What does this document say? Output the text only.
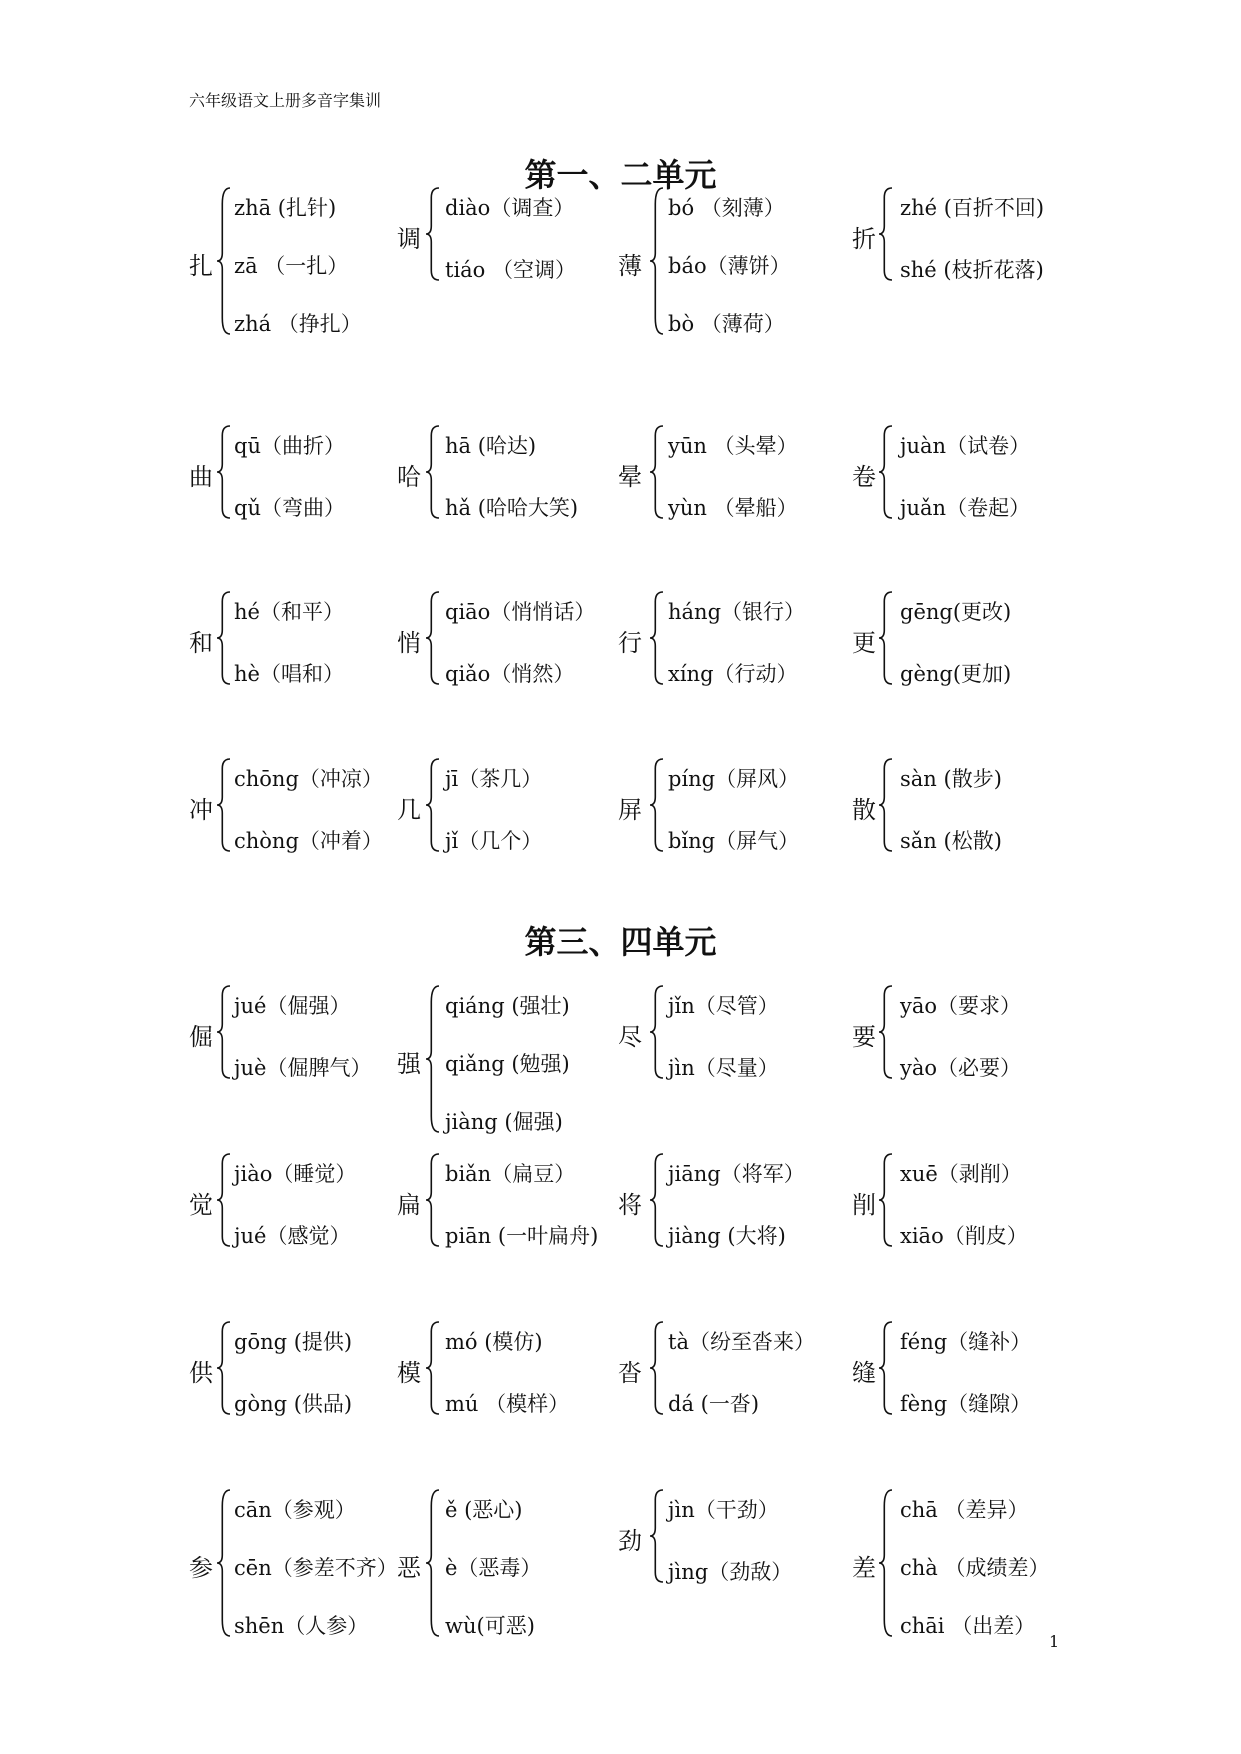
六年级语文上册多音字集训
第一、二单元
扎
zhā (扎针)
zā （一扎）
zhá （挣扎）
调
diào（调查）
tiáo （空调） 薄
bó （刻薄）
báo（薄饼）
bò （薄荷）
折
zhé (百折不回)
shé (枝折花落)
曲
qū（曲折）
qǔ（弯曲）
哈
hā (哈达)
hǎ (哈哈大笑)
晕
yūn （头晕）
yùn （晕船）
卷
juàn（试卷）
juǎn（卷起）
和
hé（和平）
hè（唱和）
悄
qiāo（悄悄话）
qiǎo（悄然）
行
háng（银行）
xíng（行动）
更
gēng(更改)
gèng(更加)
冲
chōng（冲凉）
chòng（冲着）
几
jī（茶几）
jǐ（几个）
屏
píng（屏风）
bǐng（屏气）
散
sàn (散步)
sǎn (松散)
第三、四单元
倔
jué（倔强）
juè（倔脾气） 强
qiáng (强壮)
qiǎng (勉强)
jiàng (倔强)
尽
jǐn（尽管）
jìn（尽量）
要
yāo（要求）
yào（必要）
觉
jiào（睡觉）
jué（感觉）
扁
biǎn（扁豆）
piān (一叶扁舟)
将
jiāng（将军）
jiàng (大将)
削
xuē（剥削）
xiāo（削皮）
供
gōng (提供)
gòng (供品)
模
mó (模仿)
mú （模样）
沓
tà（纷至沓来）
dá (一沓)
缝
féng（缝补）
fèng（缝隙）
参
cān（参观）
cēn（参差不齐）
shēn（人参）
恶
ě (恶心)
è（恶毒）
wù(可恶)
劲
jìn（干劲）
jìng（劲敌） 差
chā （差异）
chà （成绩差）
chāi （出差）
1
